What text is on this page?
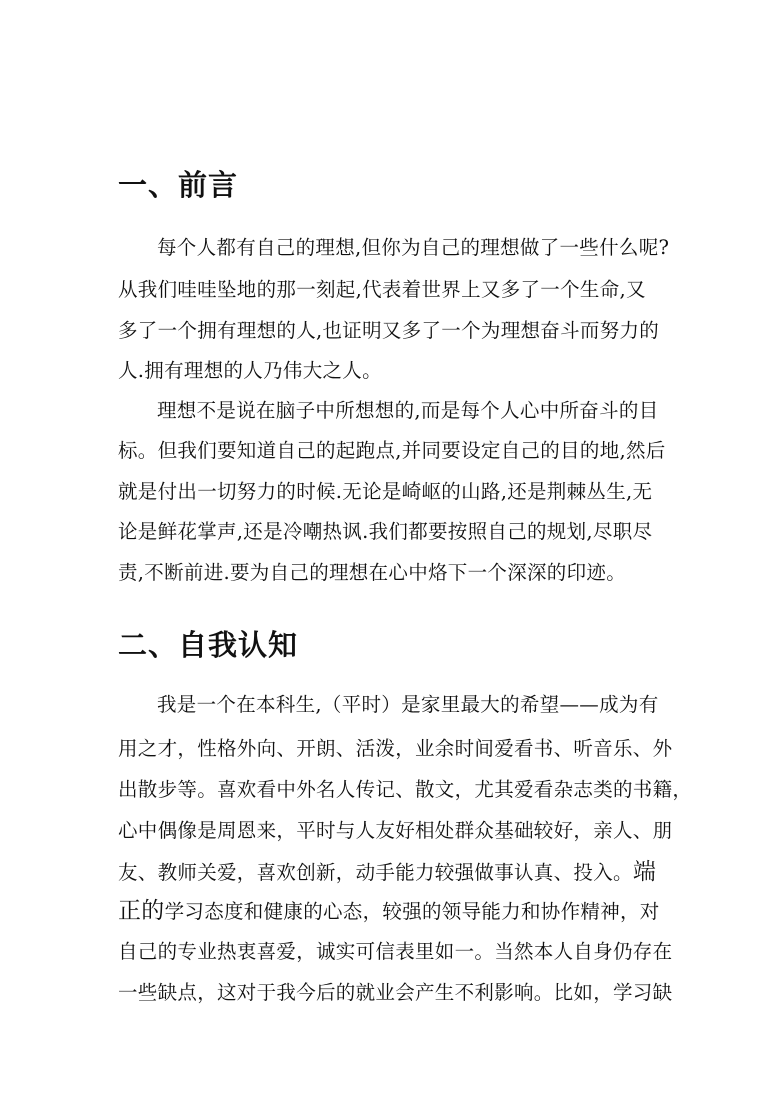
一、前言
每个人都有自己的理想,但你为自己的理想做了一些什么呢?
从我们哇哇坠地的那一刻起,代表着世界上又多了一个生命,又
多了一个拥有理想的人,也证明又多了一个为理想奋斗而努力的
人.拥有理想的人乃伟大之人。
理想不是说在脑子中所想想的,而是每个人心中所奋斗的目
标。但我们要知道自己的起跑点,并同要设定自己的目的地,然后
就是付出一切努力的时候.无论是崎岖的山路,还是荆棘丛生,无
论是鲜花掌声,还是冷嘲热讽.我们都要按照自己的规划,尽职尽
责,不断前进.要为自己的理想在心中烙下一个深深的印迹。
二、自我认知
我是一个在本科生,（平时）是家里最大的希望——成为有
用之才，性格外向、开朗、活泼，业余时间爱看书、听音乐、外
出散步等。喜欢看中外名人传记、散文，尤其爱看杂志类的书籍，
心中偶像是周恩来，平时与人友好相处群众基础较好，亲人、朋
友、教师关爱，喜欢创新，动手能力较强做事认真、投入。端
正的学习态度和健康的心态，较强的领导能力和协作精神，对
自己的专业热衷喜爱，诚实可信表里如一。当然本人自身仍存在
一些缺点，这对于我今后的就业会产生不利影响。比如，学习缺
